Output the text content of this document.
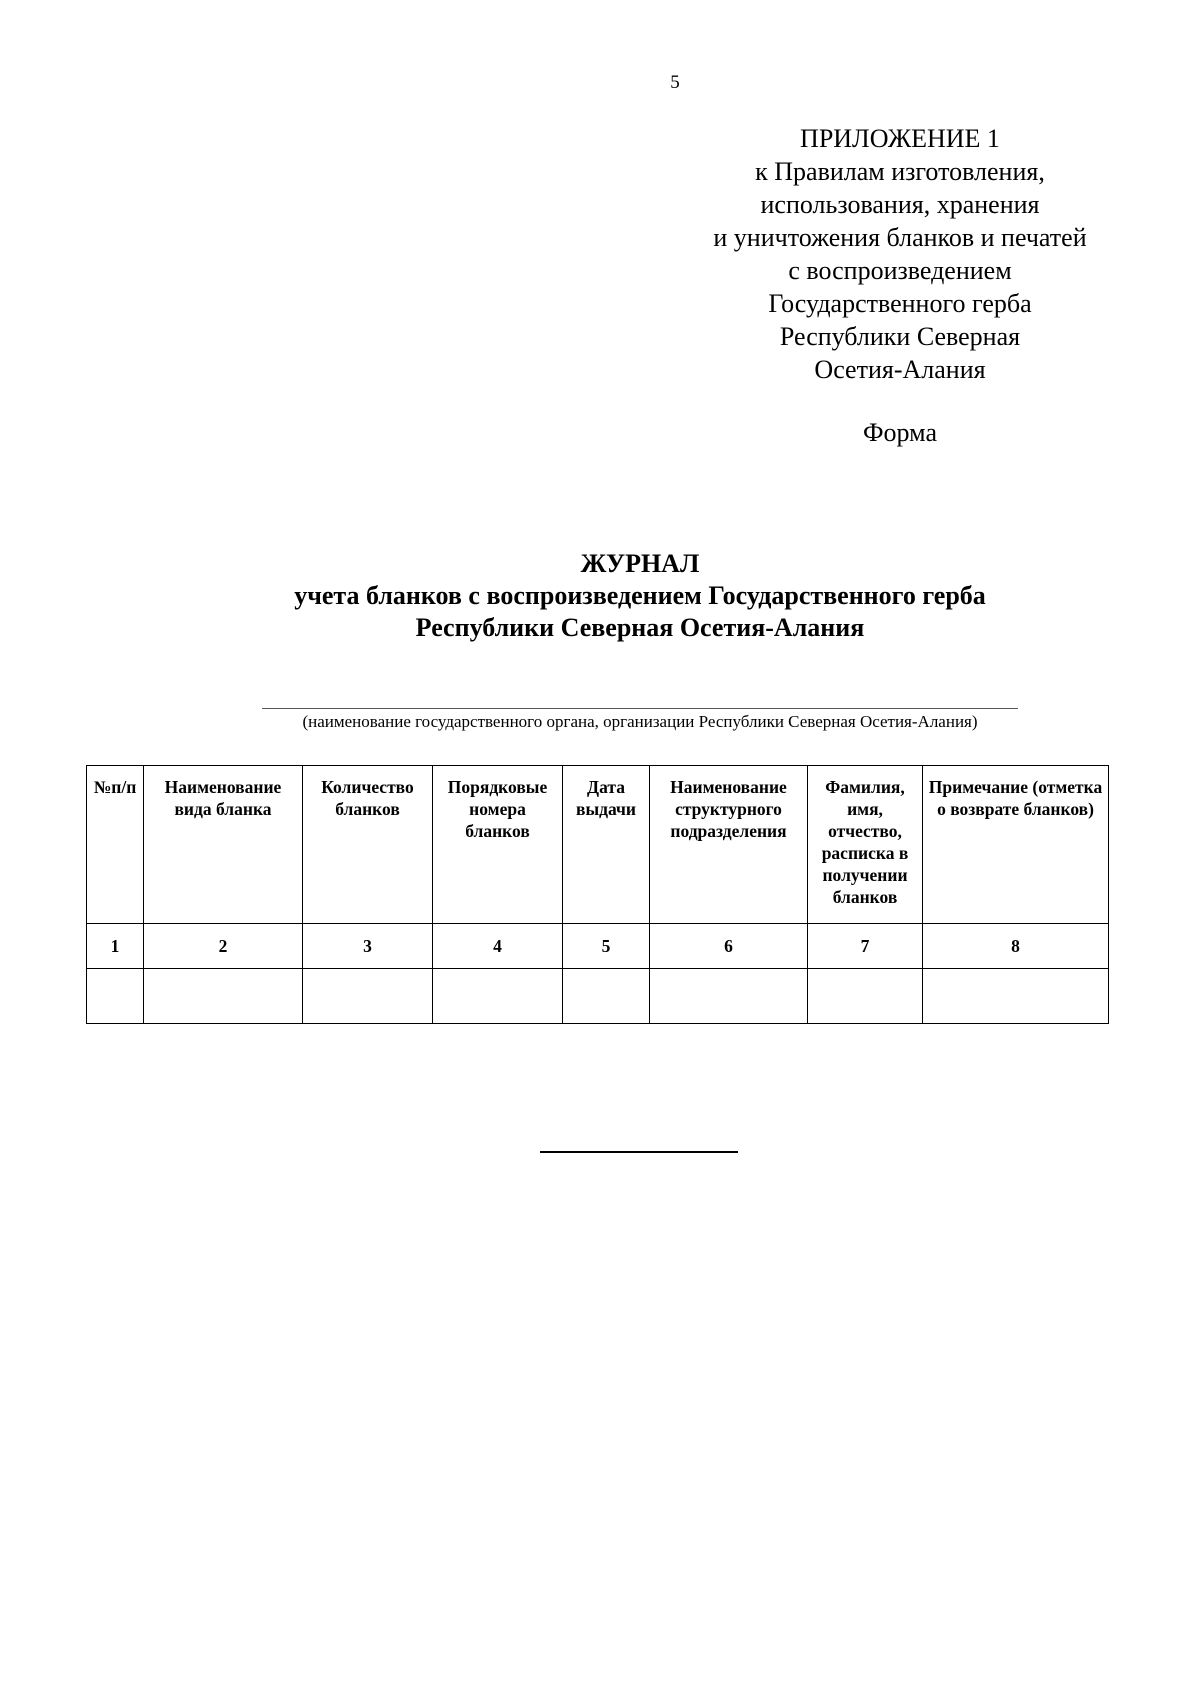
5
ПРИЛОЖЕНИЕ 1
к Правилам изготовления,
использования, хранения
и уничтожения бланков и печатей
с воспроизведением
Государственного герба
Республики Северная
Осетия-Алания
Форма
ЖУРНАЛ
учета бланков с воспроизведением Государственного герба
Республики Северная Осетия-Алания
(наименование государственного органа, организации Республики Северная Осетия-Алания)
№п/п	Наименование вида бланка	Количество бланков	Порядковые номера бланков	Дата выдачи	Наименование структурного подразделения	Фамилия, имя, отчество, расписка в получении бланков	Примечание (отметка о возврате бланков)
1	2	3	4	5	6	7	8
